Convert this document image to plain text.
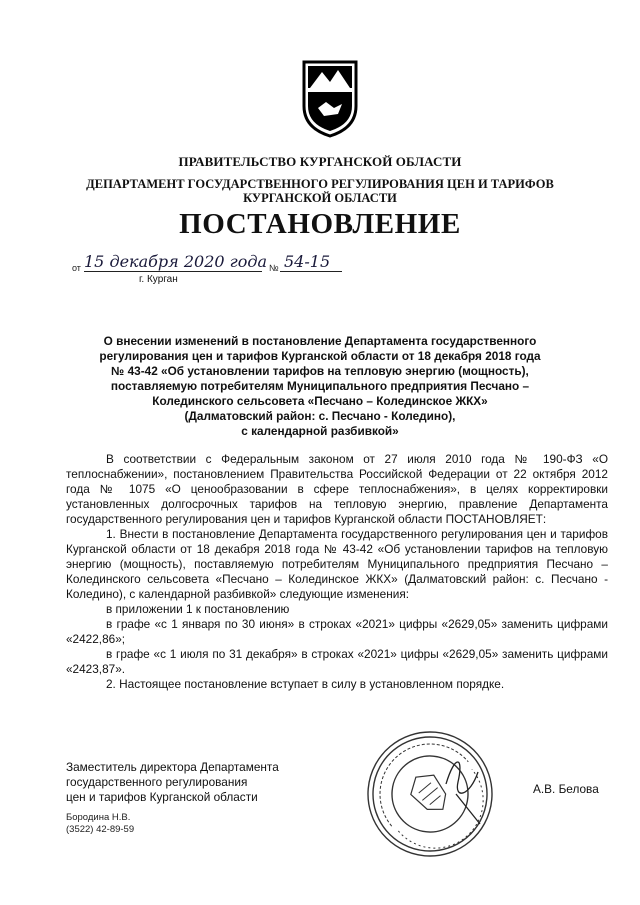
ПРАВИТЕЛЬСТВО КУРГАНСКОЙ ОБЛАСТИ
ДЕПАРТАМЕНТ ГОСУДАРСТВЕННОГО РЕГУЛИРОВАНИЯ ЦЕН И ТАРИФОВ
КУРГАНСКОЙ ОБЛАСТИ
ПОСТАНОВЛЕНИЕ
от 15 декабря 2020 года № 54-15
г. Курган
О внесении изменений в постановление Департамента государственного
регулирования цен и тарифов Курганской области от 18 декабря 2018 года
№ 43-42 «Об установлении тарифов на тепловую энергию (мощность),
поставляемую потребителям Муниципального предприятия Песчано –
Колединского сельсовета «Песчано – Колединское ЖКХ»
(Далматовский район: с. Песчано - Колединo),
с календарной разбивкой»

В соответствии с Федеральным законом от 27 июля 2010 года № 190-ФЗ «О теплоснабжении», постановлением Правительства Российской Федерации от 22 октября 2012 года № 1075 «О ценообразовании в сфере теплоснабжения», в целях корректировки установленных долгосрочных тарифов на тепловую энергию, правление Департамента государственного регулирования цен и тарифов Курганской области ПОСТАНОВЛЯЕТ:

1. Внести в постановление Департамента государственного регулирования цен и тарифов Курганской области от 18 декабря 2018 года № 43-42 «Об установлении тарифов на тепловую энергию (мощность), поставляемую потребителям Муниципального предприятия Песчано – Колединского сельсовета «Песчано – Колединское ЖКХ» (Далматовский район: с. Песчано - Коледино), с календарной разбивкой» следующие изменения:

в приложении 1 к постановлению

в графе «с 1 января по 30 июня» в строках «2021» цифры «2629,05» заменить цифрами «2422,86»;

в графе «с 1 июля по 31 декабря» в строках «2021» цифры «2629,05» заменить цифрами «2423,87».

2. Настоящее постановление вступает в силу в установленном порядке.

Заместитель директора Департамента
государственного регулирования
цен и тарифов Курганской области
А.В. Белова
Бородина Н.В.
(3522) 42-89-59
